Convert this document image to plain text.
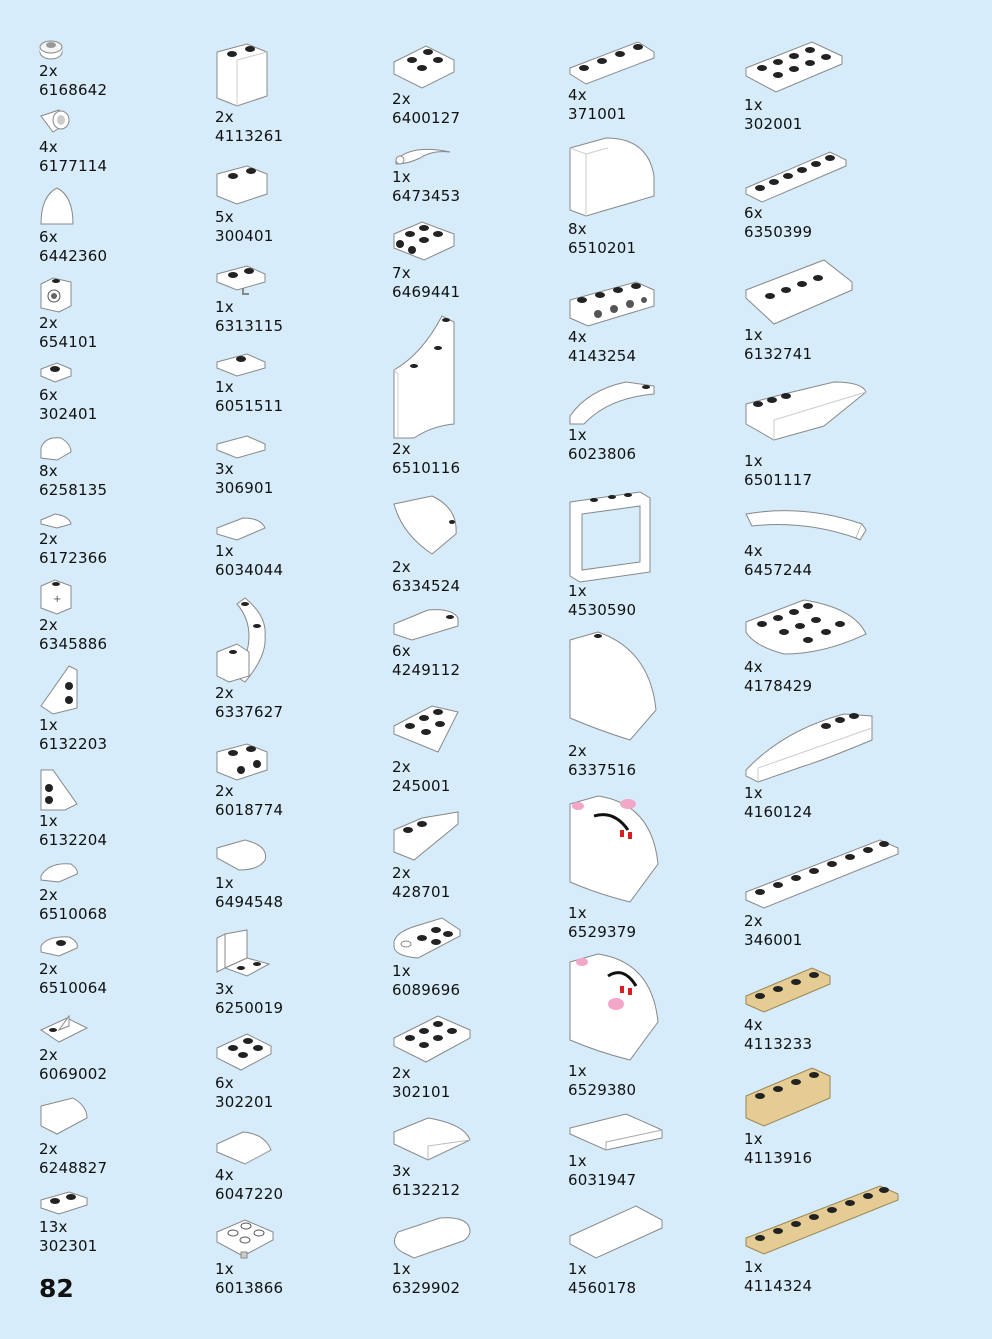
2x
6168642
4x
6177114
6x
6442360
2x
654101
6x
302401
8x
6258135
2x
6172366
+
2x
6345886
1x
6132203
1x
6132204
2x
6510068
2x
6510064
2x
6069002
2x
6248827
13x
302301
2x
4113261
5x
300401
1x
6313115
1x
6051511
3x
306901
1x
6034044
2x
6337627
2x
6018774
1x
6494548
3x
6250019
6x
302201
4x
6047220
1x
6013866
2x
6400127
1x
6473453
7x
6469441
2x
6510116
2x
6334524
6x
4249112
2x
245001
2x
428701
1x
6089696
2x
302101
3x
6132212
1x
6329902
4x
371001
8x
6510201
4x
4143254
1x
6023806
1x
4530590
2x
6337516
1x
6529379
1x
6529380
1x
6031947
1x
4560178
1x
302001
6x
6350399
1x
6132741
1x
6501117
4x
6457244
4x
4178429
1x
4160124
2x
346001
4x
4113233
1x
4113916
1x
4114324
82
